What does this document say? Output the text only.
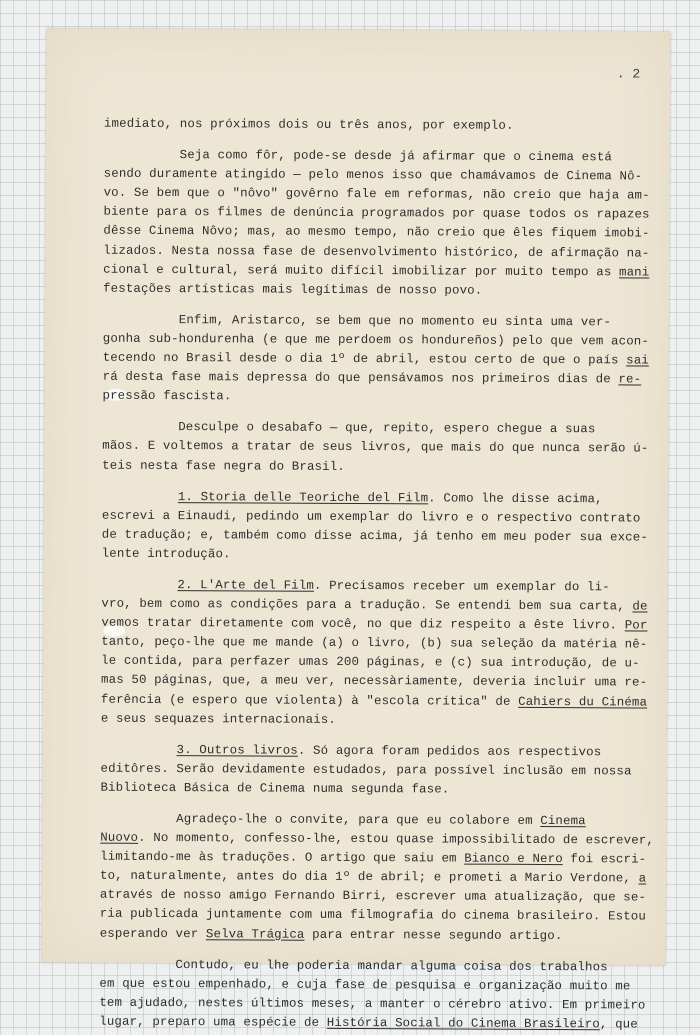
. 2
imediato, nos próximos dois ou três anos, por exemplo.
Seja como fôr, pode-se desde já afirmar que o cinema está
sendo duramente atingido — pelo menos isso que chamávamos de Cinema Nô-
vo. Se bem que o "nôvo" govêrno fale em reformas, não creio que haja am-
biente para os filmes de denúncia programados por quase todos os rapazes
dêsse Cinema Nôvo; mas, ao mesmo tempo, não creio que êles fiquem imobi-
lizados. Nesta nossa fase de desenvolvimento histórico, de afirmação na-
cional e cultural, será muito difícil imobilizar por muito tempo as mani
festações artísticas mais legítimas de nosso povo.
Enfim, Aristarco, se bem que no momento eu sinta uma ver-
gonha sub-hondurenha (e que me perdoem os hondureños) pelo que vem acon-
tecendo no Brasil desde o dia 1º de abril, estou certo de que o país sai
rá desta fase mais depressa do que pensávamos nos primeiros dias de re-
pressão fascista.
Desculpe o desabafo — que, repito, espero chegue a suas
mãos. E voltemos a tratar de seus livros, que mais do que nunca serão ú-
teis nesta fase negra do Brasil.
1. Storia delle Teoriche del Film. Como lhe disse acima,
escrevi a Einaudi, pedindo um exemplar do livro e o respectivo contrato
de tradução; e, também como disse acima, já tenho em meu poder sua exce-
lente introdução.
2. L'Arte del Film. Precisamos receber um exemplar do li-
vro, bem como as condições para a tradução. Se entendi bem sua carta, de
vemos tratar diretamente com você, no que diz respeito a êste livro. Por
tanto, peço-lhe que me mande (a) o livro, (b) sua seleção da matéria nê-
le contida, para perfazer umas 200 páginas, e (c) sua introdução, de u-
mas 50 páginas, que, a meu ver, necessàriamente, deveria incluir uma re-
ferência (e espero que violenta) à "escola crítica" de Cahiers du Cinéma
e seus sequazes internacionais.
3. Outros livros. Só agora foram pedidos aos respectivos
editôres. Serão devidamente estudados, para possível inclusão em nossa
Biblioteca Básica de Cinema numa segunda fase.
Agradeço-lhe o convite, para que eu colabore em Cinema
Nuovo. No momento, confesso-lhe, estou quase impossibilitado de escrever,
limitando-me às traduções. O artigo que saiu em Bianco e Nero foi escri-
to, naturalmente, antes do dia 1º de abril; e prometi a Mario Verdone, a
através de nosso amigo Fernando Birri, escrever uma atualização, que se-
ria publicada juntamente com uma filmografia do cinema brasileiro. Estou
esperando ver Selva Trágica para entrar nesse segundo artigo.
Contudo, eu lhe poderia mandar alguma coisa dos trabalhos
em que estou empenhado, e cuja fase de pesquisa e organização muito me
tem ajudado, nestes últimos meses, a manter o cérebro ativo. Em primeiro
lugar, preparo uma espécie de História Social do Cinema Brasileiro, que
